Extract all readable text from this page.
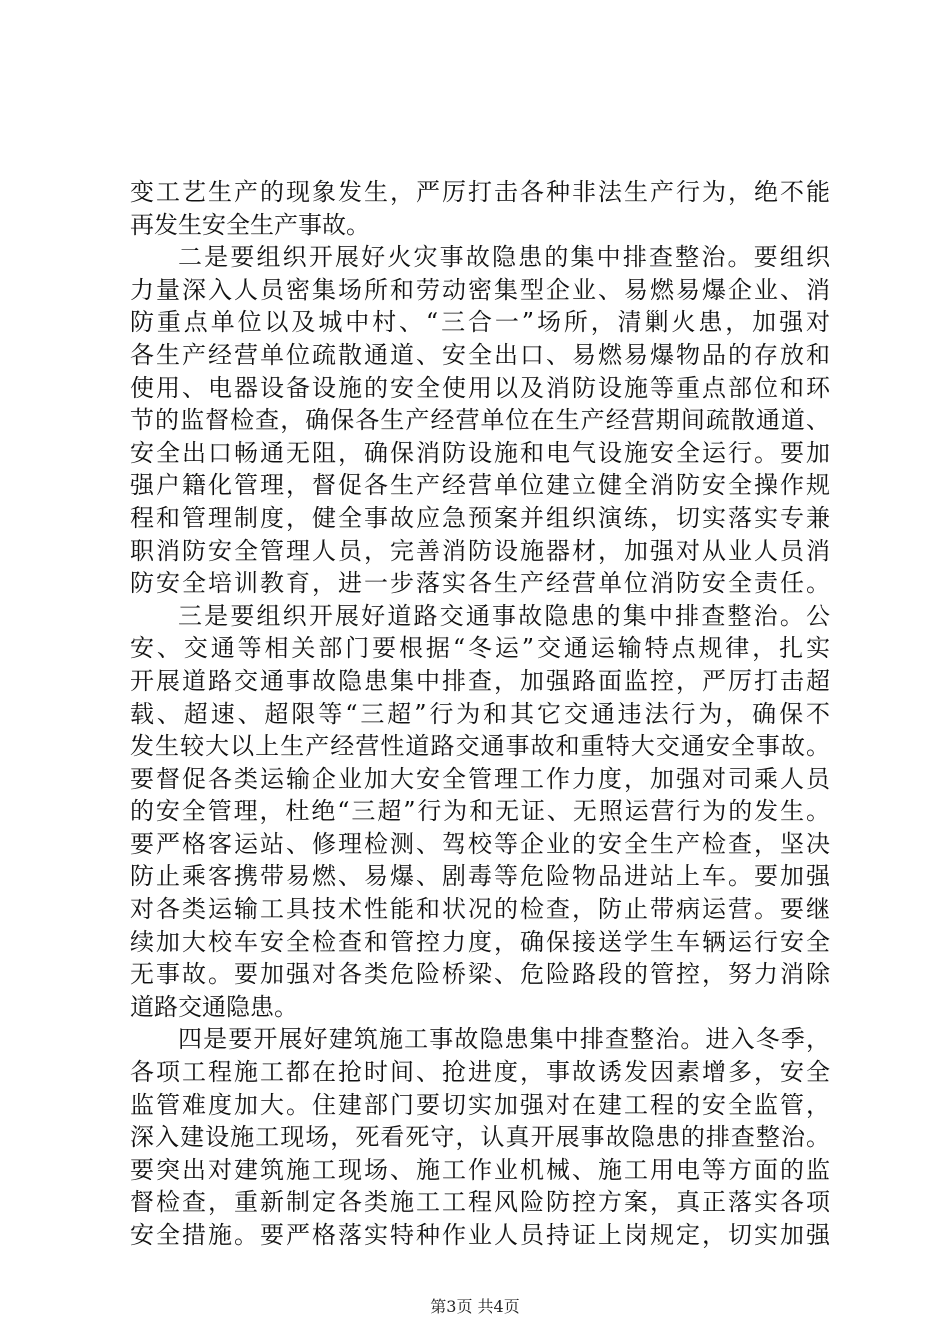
变工艺生产的现象发生，严厉打击各种非法生产行为，绝不能
再发生安全生产事故。
二是要组织开展好火灾事故隐患的集中排查整治。要组织
力量深入人员密集场所和劳动密集型企业、易燃易爆企业、消
防重点单位以及城中村、“三合一”场所，清剿火患，加强对
各生产经营单位疏散通道、安全出口、易燃易爆物品的存放和
使用、电器设备设施的安全使用以及消防设施等重点部位和环
节的监督检查，确保各生产经营单位在生产经营期间疏散通道、
安全出口畅通无阻，确保消防设施和电气设施安全运行。要加
强户籍化管理，督促各生产经营单位建立健全消防安全操作规
程和管理制度，健全事故应急预案并组织演练，切实落实专兼
职消防安全管理人员，完善消防设施器材，加强对从业人员消
防安全培训教育，进一步落实各生产经营单位消防安全责任。
三是要组织开展好道路交通事故隐患的集中排查整治。公
安、交通等相关部门要根据“冬运”交通运输特点规律，扎实
开展道路交通事故隐患集中排查，加强路面监控，严厉打击超
载、超速、超限等“三超”行为和其它交通违法行为，确保不
发生较大以上生产经营性道路交通事故和重特大交通安全事故。
要督促各类运输企业加大安全管理工作力度，加强对司乘人员
的安全管理，杜绝“三超”行为和无证、无照运营行为的发生。
要严格客运站、修理检测、驾校等企业的安全生产检查，坚决
防止乘客携带易燃、易爆、剧毒等危险物品进站上车。要加强
对各类运输工具技术性能和状况的检查，防止带病运营。要继
续加大校车安全检查和管控力度，确保接送学生车辆运行安全
无事故。要加强对各类危险桥梁、危险路段的管控，努力消除
道路交通隐患。
四是要开展好建筑施工事故隐患集中排查整治。进入冬季，
各项工程施工都在抢时间、抢进度，事故诱发因素增多，安全
监管难度加大。住建部门要切实加强对在建工程的安全监管，
深入建设施工现场，死看死守，认真开展事故隐患的排查整治。
要突出对建筑施工现场、施工作业机械、施工用电等方面的监
督检查，重新制定各类施工工程风险防控方案，真正落实各项
安全措施。要严格落实特种作业人员持证上岗规定，切实加强
第3页 共4页
